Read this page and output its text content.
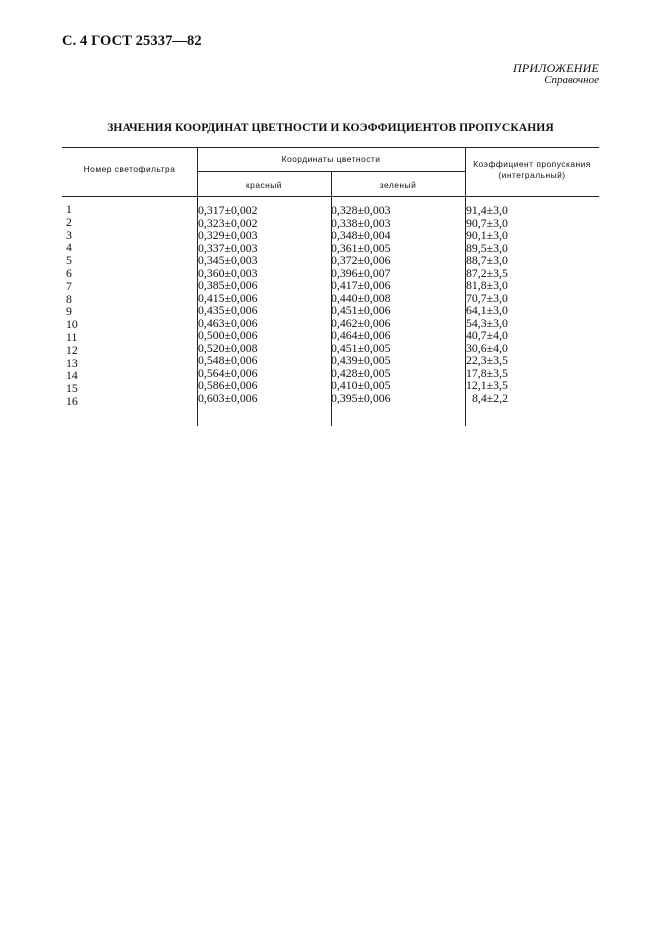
С. 4 ГОСТ 25337—82
ПРИЛОЖЕНИЕ
Справочное
ЗНАЧЕНИЯ КООРДИНАТ ЦВЕТНОСТИ И КОЭФФИЦИЕНТОВ ПРОПУСКАНИЯ
Номер светофильтра
Координаты цветности
красный	зеленый
Коэффициент пропускания
(интегральный)
1
2
3
4
5
6
7
8
9
10
11
12
13
14
15
16
0,317±0,002
0,323±0,002
0,329±0,003
0,337±0,003
0,345±0,003
0,360±0,003
0,385±0,006
0,415±0,006
0,435±0,006
0,463±0,006
0,500±0,006
0,520±0,008
0,548±0,006
0,564±0,006
0,586±0,006
0,603±0,006
0,328±0,003
0,338±0,003
0,348±0,004
0,361±0,005
0,372±0,006
0,396±0,007
0,417±0,006
0,440±0,008
0,451±0,006
0,462±0,006
0,464±0,006
0,451±0,005
0,439±0,005
0,428±0,005
0,410±0,005
0,395±0,006
91,4±3,0
90,7±3,0
90,1±3,0
89,5±3,0
88,7±3,0
87,2±3,5
81,8±3,0
70,7±3,0
64,1±3,0
54,3±3,0
40,7±4,0
30,6±4,0
22,3±3,5
17,8±3,5
12,1±3,5
8,4±2,2
